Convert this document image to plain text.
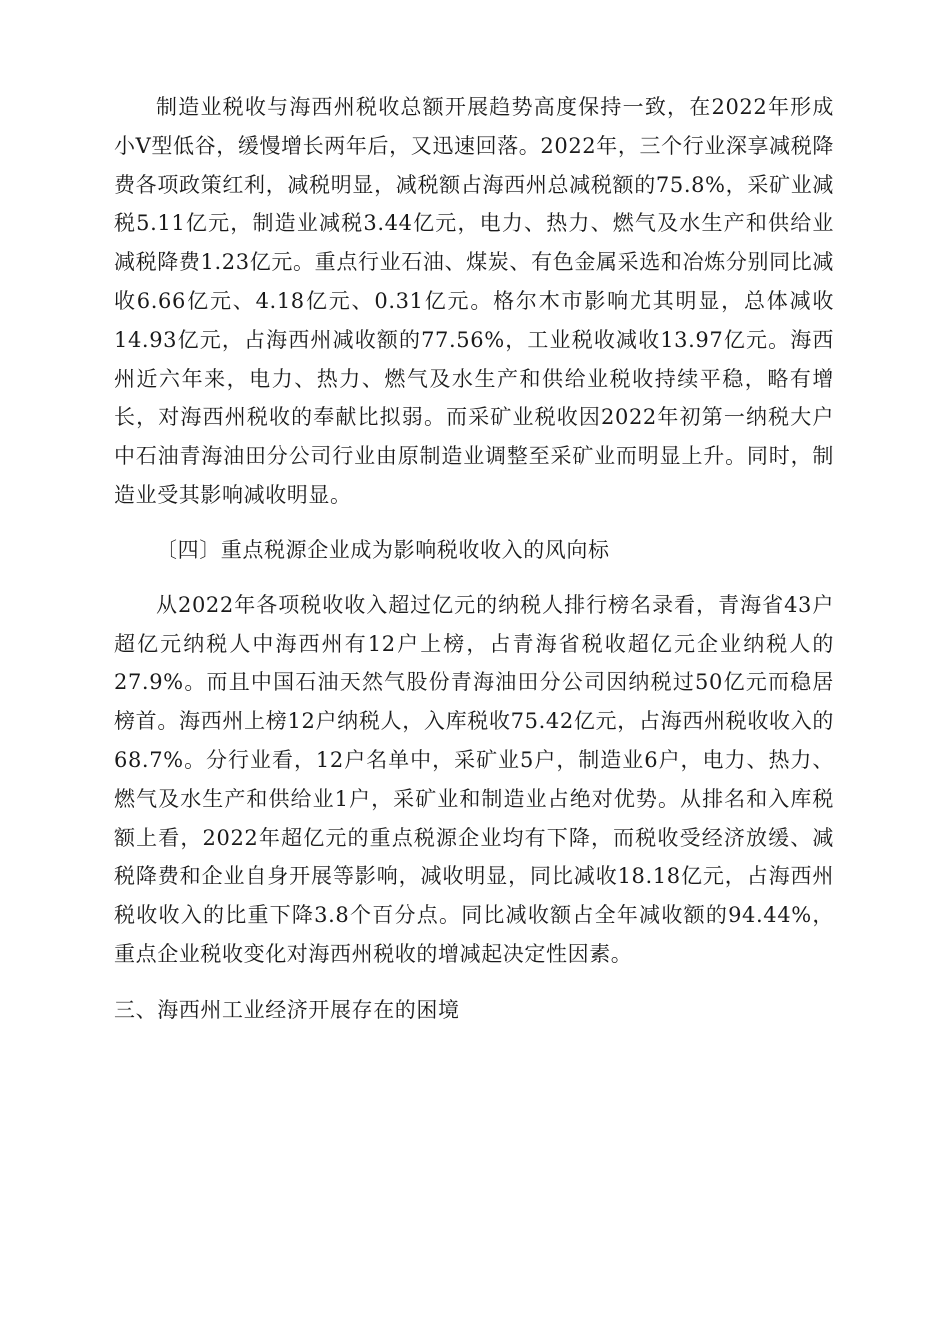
制造业税收与海西州税收总额开展趋势高度保持一致，在2022年形成小V型低谷，缓慢增长两年后，又迅速回落。2022年，三个行业深享减税降费各项政策红利，减税明显，减税额占海西州总减税额的75.8%，采矿业减税5.11亿元，制造业减税3.44亿元，电力、热力、燃气及水生产和供给业减税降费1.23亿元。重点行业石油、煤炭、有色金属采选和冶炼分别同比减收6.66亿元、4.18亿元、0.31亿元。格尔木市影响尤其明显，总体减收14.93亿元，占海西州减收额的77.56%，工业税收减收13.97亿元。海西州近六年来，电力、热力、燃气及水生产和供给业税收持续平稳，略有增长，对海西州税收的奉献比拟弱。而采矿业税收因2022年初第一纳税大户中石油青海油田分公司行业由原制造业调整至采矿业而明显上升。同时，制造业受其影响减收明显。

〔四〕重点税源企业成为影响税收收入的风向标

从2022年各项税收收入超过亿元的纳税人排行榜名录看，青海省43户超亿元纳税人中海西州有12户上榜，占青海省税收超亿元企业纳税人的27.9%。而且中国石油天然气股份青海油田分公司因纳税过50亿元而稳居榜首。海西州上榜12户纳税人，入库税收75.42亿元，占海西州税收收入的68.7%。分行业看，12户名单中，采矿业5户，制造业6户，电力、热力、燃气及水生产和供给业1户，采矿业和制造业占绝对优势。从排名和入库税额上看，2022年超亿元的重点税源企业均有下降，而税收受经济放缓、减税降费和企业自身开展等影响，减收明显，同比减收18.18亿元，占海西州税收收入的比重下降3.8个百分点。同比减收额占全年减收额的94.44%，重点企业税收变化对海西州税收的增减起决定性因素。

三、海西州工业经济开展存在的困境
